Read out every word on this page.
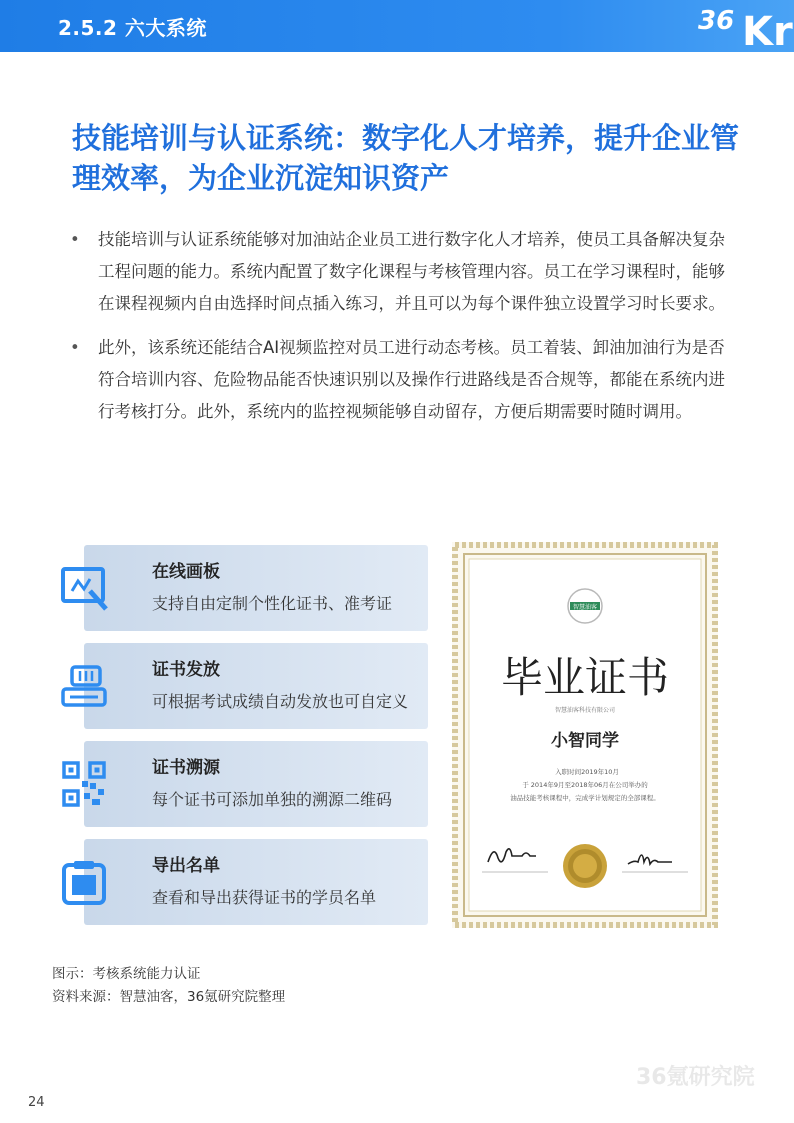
2.5.2 六大系统	36 Kr
技能培训与认证系统：数字化人才培养，提升企业管理效率，为企业沉淀知识资产
• 技能培训与认证系统能够对加油站企业员工进行数字化人才培养，使员工具备解决复杂工程问题的能力。系统内配置了数字化课程与考核管理内容。员工在学习课程时，能够在课程视频内自由选择时间点插入练习，并且可以为每个课件独立设置学习时长要求。
• 此外，该系统还能结合AI视频监控对员工进行动态考核。员工着装、卸油加油行为是否符合培训内容、危险物品能否快速识别以及操作行进路线是否合规等，都能在系统内进行考核打分。此外，系统内的监控视频能够自动留存，方便后期需要时随时调用。
在线画板
支持自由定制个性化证书、准考证
证书发放
可根据考试成绩自动发放也可自定义
证书溯源
每个证书可添加单独的溯源二维码
导出名单
查看和导出获得证书的学员名单
智慧油客
毕业证书
智慧油客科技有限公司
小智同学
入职时间2019年10月
于 2014年9月至2018年06月在公司举办的
油品技能考核课程中，完成学计划规定的全部课程。
图示：考核系统能力认证
资料来源：智慧油客，36氪研究院整理
36氪研究院
24
